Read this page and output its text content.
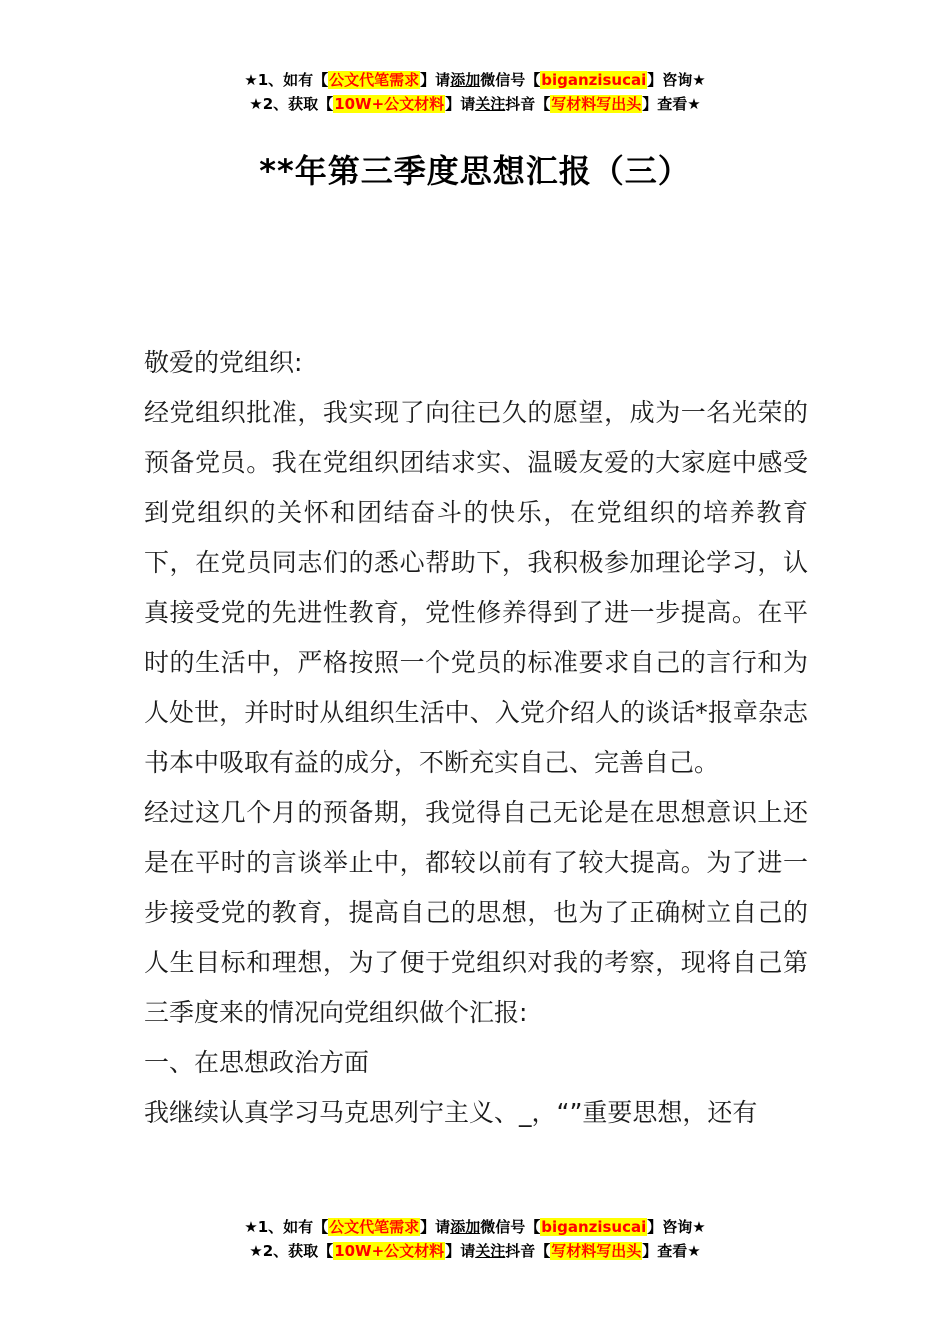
★1、如有【公文代笔需求】请添加微信号【biganzisucai】咨询★
★2、获取【10W+公文材料】请关注抖音【写材料写出头】查看★
**年第三季度思想汇报（三）

敬爱的党组织:

经党组织批准，我实现了向往已久的愿望，成为一名光荣的预备党员。我在党组织团结求实、温暖友爱的大家庭中感受到党组织的关怀和团结奋斗的快乐，在党组织的培养教育下，在党员同志们的悉心帮助下，我积极参加理论学习，认真接受党的先进性教育，党性修养得到了进一步提高。在平时的生活中，严格按照一个党员的标准要求自己的言行和为人处世，并时时从组织生活中、入党介绍人的谈话*报章杂志书本中吸取有益的成分，不断充实自己、完善自己。

经过这几个月的预备期，我觉得自己无论是在思想意识上还是在平时的言谈举止中，都较以前有了较大提高。为了进一步接受党的教育，提高自己的思想，也为了正确树立自己的人生目标和理想，为了便于党组织对我的考察，现将自己第三季度来的情况向党组织做个汇报:

一、在思想政治方面

我继续认真学习马克思列宁主义、_，“”重要思想，还有

★1、如有【公文代笔需求】请添加微信号【biganzisucai】咨询★
★2、获取【10W+公文材料】请关注抖音【写材料写出头】查看★
